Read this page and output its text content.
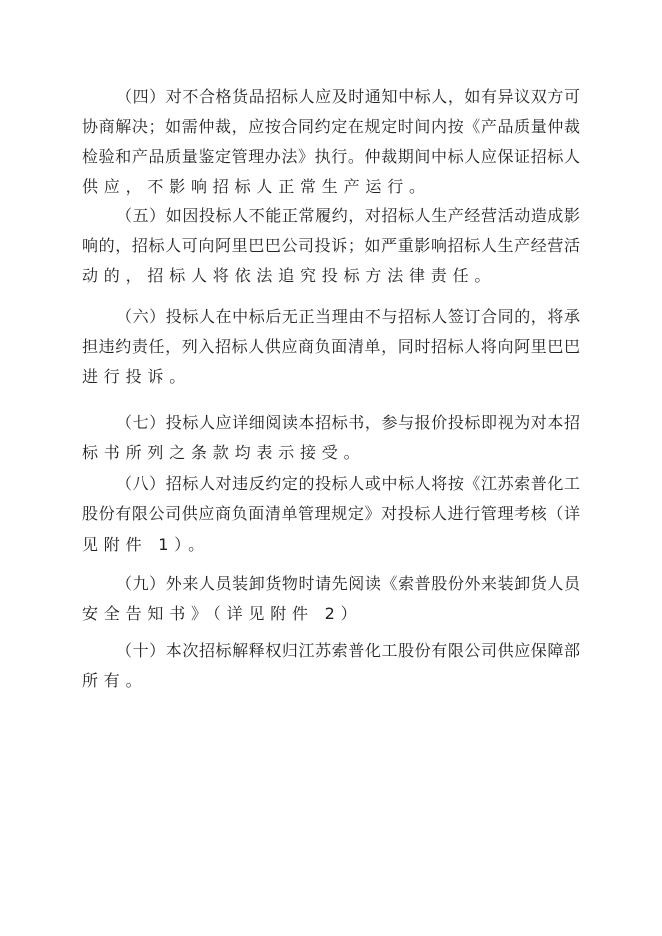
（四）对不合格货品招标人应及时通知中标人，如有异议双方可
协商解决；如需仲裁，应按合同约定在规定时间内按《产品质量仲裁
检验和产品质量鉴定管理办法》执行。仲裁期间中标人应保证招标人
供应，不影响招标人正常生产运行。
（五）如因投标人不能正常履约，对招标人生产经营活动造成影
响的，招标人可向阿里巴巴公司投诉；如严重影响招标人生产经营活
动的，招标人将依法追究投标方法律责任。
（六）投标人在中标后无正当理由不与招标人签订合同的，将承
担违约责任，列入招标人供应商负面清单，同时招标人将向阿里巴巴
进行投诉。
（七）投标人应详细阅读本招标书，参与报价投标即视为对本招
标书所列之条款均表示接受。
（八）招标人对违反约定的投标人或中标人将按《江苏索普化工
股份有限公司供应商负面清单管理规定》对投标人进行管理考核（详
见附件 1）。
（九）外来人员装卸货物时请先阅读《索普股份外来装卸货人员
安全告知书》（详见附件 2）
（十）本次招标解释权归江苏索普化工股份有限公司供应保障部
所有。
